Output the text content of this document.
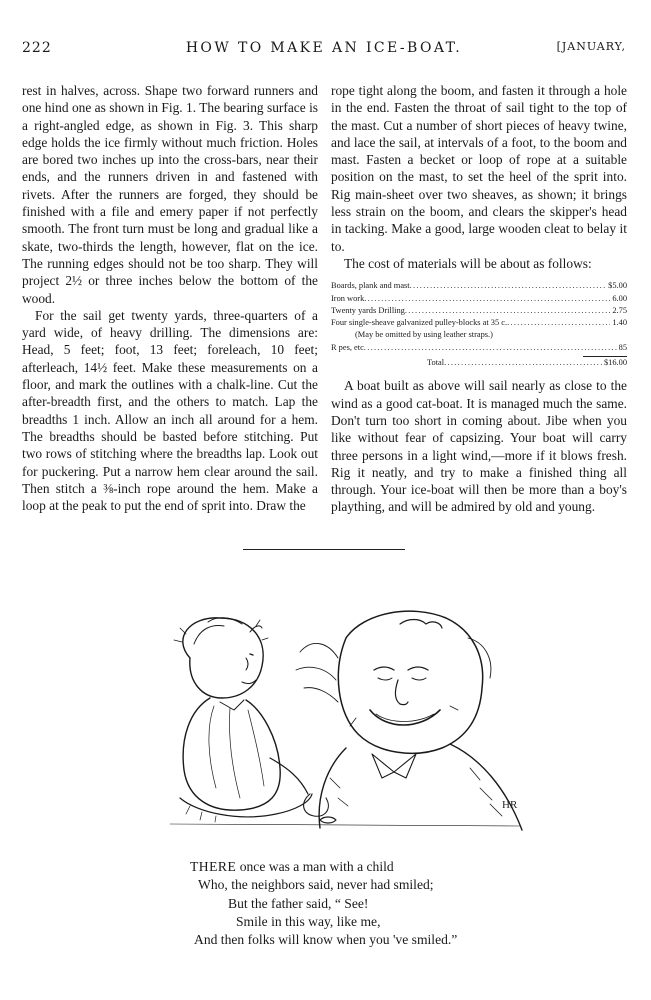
222	HOW TO MAKE AN ICE-BOAT.	[JANUARY,

rest in halves, across. Shape two forward runners and one hind one as shown in Fig. 1. The bearing surface is a right-angled edge, as shown in Fig. 3. This sharp edge holds the ice firmly without much friction. Holes are bored two inches up into the cross-bars, near their ends, and the runners driven in and fastened with rivets. After the runners are forged, they should be finished with a file and emery paper if not perfectly smooth. The front turn must be long and gradual like a skate, two-thirds the length, however, flat on the ice. The running edges should not be too sharp. They will project 2½ or three inches below the bottom of the wood.

For the sail get twenty yards, three-quarters of a yard wide, of heavy drilling. The dimensions are: Head, 5 feet; foot, 13 feet; foreleach, 10 feet; afterleach, 14½ feet. Make these measurements on a floor, and mark the outlines with a chalk-line. Cut the after-breadth first, and the others to match. Lap the breadths 1 inch. Allow an inch all around for a hem. The breadths should be basted before stitching. Put two rows of stitching where the breadths lap. Look out for puckering. Put a narrow hem clear around the sail. Then stitch a ⅜-inch rope around the hem. Make a loop at the peak to put the end of sprit into. Draw the

rope tight along the boom, and fasten it through a hole in the end. Fasten the throat of sail tight to the top of the mast. Cut a number of short pieces of heavy twine, and lace the sail, at intervals of a foot, to the boom and mast. Fasten a becket or loop of rope at a suitable position on the mast, to set the heel of the sprit into. Rig main-sheet over two sheaves, as shown; it brings less strain on the boom, and clears the skipper's head in tacking. Make a good, large wooden cleat to belay it to.

The cost of materials will be about as follows:

Boards, plank and mast .....	$5.00
Iron work .....	6.00
Twenty yards Drilling .....	2.75
Four single-sheave galvanized pulley-blocks at 35 c. .....	1.40
(May be omitted by using leather straps.)
R pes, etc .....	85
Total .....	$16.00

A boat built as above will sail nearly as close to the wind as a good cat-boat. It is managed much the same. Don't turn too short in coming about. Jibe when you like without fear of capsizing. Your boat will carry three persons in a light wind,—more if it blows fresh. Rig it neatly, and try to make a finished thing all through. Your ice-boat will then be more than a boy's plaything, and will be admired by old and young.

HR
THERE once was a man with a child
Who, the neighbors said, never had smiled;
But the father said, “ See!
Smile in this way, like me,
And then folks will know when you 've smiled.”
